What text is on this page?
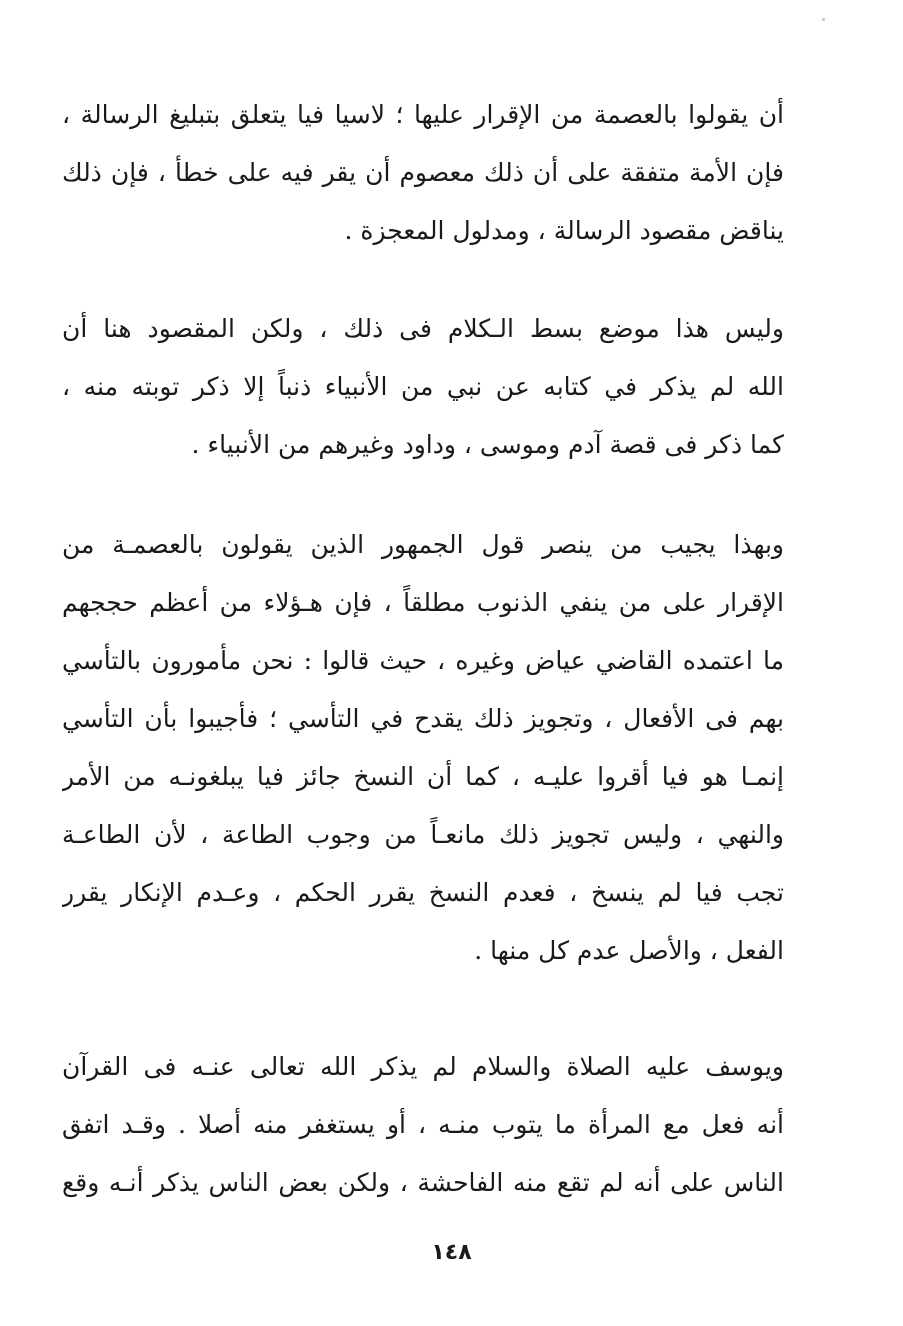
أن يقولوا بالعصمة من الإقرار عليها ؛ لاسيا فيا يتعلق بتبليغ الرسالة ،
فإن الأمة متفقة على أن ذلك معصوم أن يقر فيه على خطأ ، فإن ذلك
يناقض مقصود الرسالة ، ومدلول المعجزة .
وليس هذا موضع بسط الـكلام فى ذلك ، ولكن المقصود هنا أن
الله لم يذكر في كتابه عن نبي من الأنبياء ذنباً إلا ذكر توبته منه ،
كما ذكر فى قصة آدم وموسى ، وداود وغيرهم من الأنبياء .
وبهذا يجيب من ينصر قول الجمهور الذين يقولون بالعصمـة من
الإقرار على من ينفي الذنوب مطلقاً ، فإن هـؤلاء من أعظم حججهم
ما اعتمده القاضي عياض وغيره ، حيث قالوا : نحن مأمورون بالتأسي
بهم فى الأفعال ، وتجويز ذلك يقدح في التأسي ؛ فأجيبوا بأن التأسي
إنمـا هو فيا أقروا عليـه ، كما أن النسخ جائز فيا يبلغونـه من الأمر
والنهي ، وليس تجويز ذلك مانعـاً من وجوب الطاعة ، لأن الطاعـة
تجب فيا لم ينسخ ، فعدم النسخ يقرر الحكم ، وعـدم الإنكار يقرر
الفعل ، والأصل عدم كل منها .
ويوسف عليه الصلاة والسلام لم يذكر الله تعالى عنـه فى القرآن
أنه فعل مع المرأة ما يتوب منـه ، أو يستغفر منه أصلا . وقـد اتفق
الناس على أنه لم تقع منه الفاحشة ، ولكن بعض الناس يذكر أنـه وقع
١٤٨
